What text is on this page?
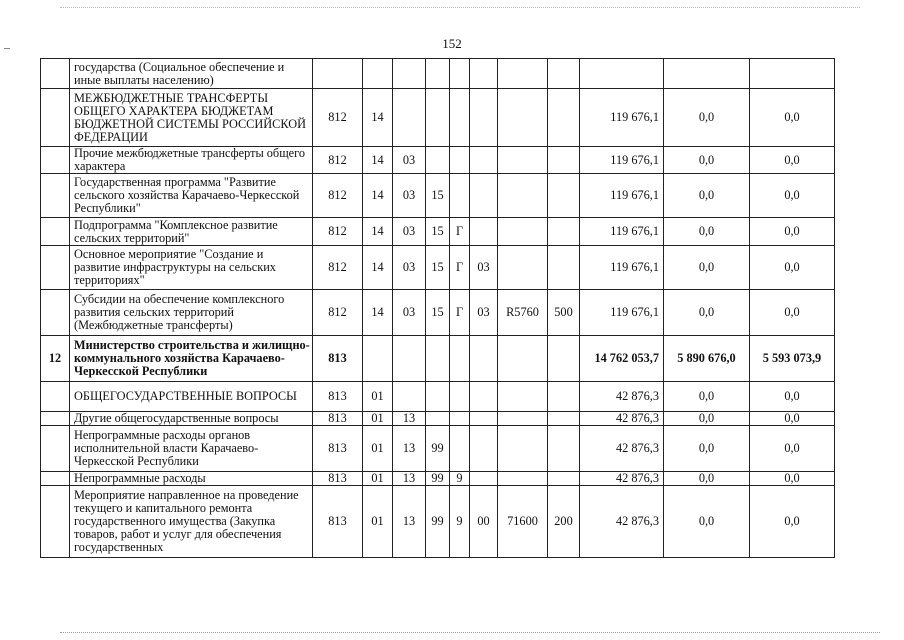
152
	государства (Социальное обеспечение и иные выплаты населению)											
	МЕЖБЮДЖЕТНЫЕ ТРАНСФЕРТЫ ОБЩЕГО ХАРАКТЕРА БЮДЖЕТАМ БЮДЖЕТНОЙ СИСТЕМЫ РОССИЙСКОЙ ФЕДЕРАЦИИ	812	14							119 676,1	0,0	0,0
	Прочие межбюджетные трансферты общего характера	812	14	03						119 676,1	0,0	0,0
	Государственная программа "Развитие сельского хозяйства Карачаево-Черкесской Республики"	812	14	03	15					119 676,1	0,0	0,0
	Подпрограмма "Комплексное развитие сельских территорий"	812	14	03	15	Г				119 676,1	0,0	0,0
	Основное мероприятие "Создание и развитие инфраструктуры на сельских территориях"	812	14	03	15	Г	03			119 676,1	0,0	0,0
	Субсидии на обеспечение комплексного развития сельских территорий (Межбюджетные трансферты)	812	14	03	15	Г	03	R5760	500	119 676,1	0,0	0,0
12	Министерство строительства и жилищно-коммунального хозяйства Карачаево-Черкесской Республики	813								14 762 053,7	5 890 676,0	5 593 073,9
	ОБЩЕГОСУДАРСТВЕННЫЕ ВОПРОСЫ	813	01							42 876,3	0,0	0,0
	Другие общегосударственные вопросы	813	01	13						42 876,3	0,0	0,0
	Непрограммные расходы органов исполнительной власти Карачаево-Черкесской Республики	813	01	13	99					42 876,3	0,0	0,0
	Непрограммные расходы	813	01	13	99	9				42 876,3	0,0	0,0
	Мероприятие направленное на проведение текущего и капитального ремонта государственного имущества (Закупка товаров, работ и услуг для обеспечения государственных	813	01	13	99	9	00	71600	200	42 876,3	0,0	0,0
